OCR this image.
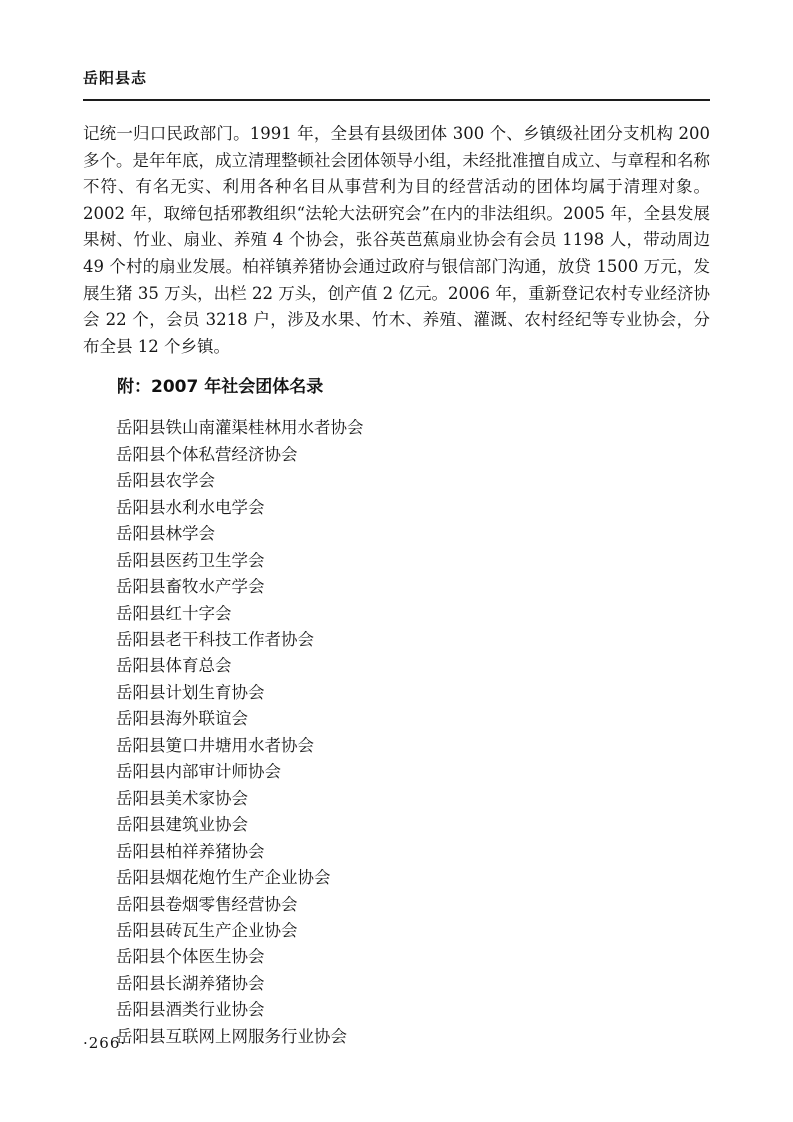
岳阳县志

记统一归口民政部门。1991 年，全县有县级团体 300 个、乡镇级社团分支机构 200 多个。是年年底，成立清理整顿社会团体领导小组，未经批准擅自成立、与章程和名称不符、有名无实、利用各种名目从事营利为目的经营活动的团体均属于清理对象。2002 年，取缔包括邪教组织“法轮大法研究会”在内的非法组织。2005 年，全县发展果树、竹业、扇业、养殖 4 个协会，张谷英芭蕉扇业协会有会员 1198 人，带动周边 49 个村的扇业发展。柏祥镇养猪协会通过政府与银信部门沟通，放贷 1500 万元，发展生猪 35 万头，出栏 22 万头，创产值 2 亿元。2006 年，重新登记农村专业经济协会 22 个，会员 3218 户，涉及水果、竹木、养殖、灌溉、农村经纪等专业协会，分布全县 12 个乡镇。

附：2007 年社会团体名录
岳阳县铁山南灌渠桂林用水者协会
岳阳县个体私营经济协会
岳阳县农学会
岳阳县水利水电学会
岳阳县林学会
岳阳县医药卫生学会
岳阳县畜牧水产学会
岳阳县红十字会
岳阳县老干科技工作者协会
岳阳县体育总会
岳阳县计划生育协会
岳阳县海外联谊会
岳阳县筻口井塘用水者协会
岳阳县内部审计师协会
岳阳县美术家协会
岳阳县建筑业协会
岳阳县柏祥养猪协会
岳阳县烟花炮竹生产企业协会
岳阳县卷烟零售经营协会
岳阳县砖瓦生产企业协会
岳阳县个体医生协会
岳阳县长湖养猪协会
岳阳县酒类行业协会
岳阳县互联网上网服务行业协会
·266·
